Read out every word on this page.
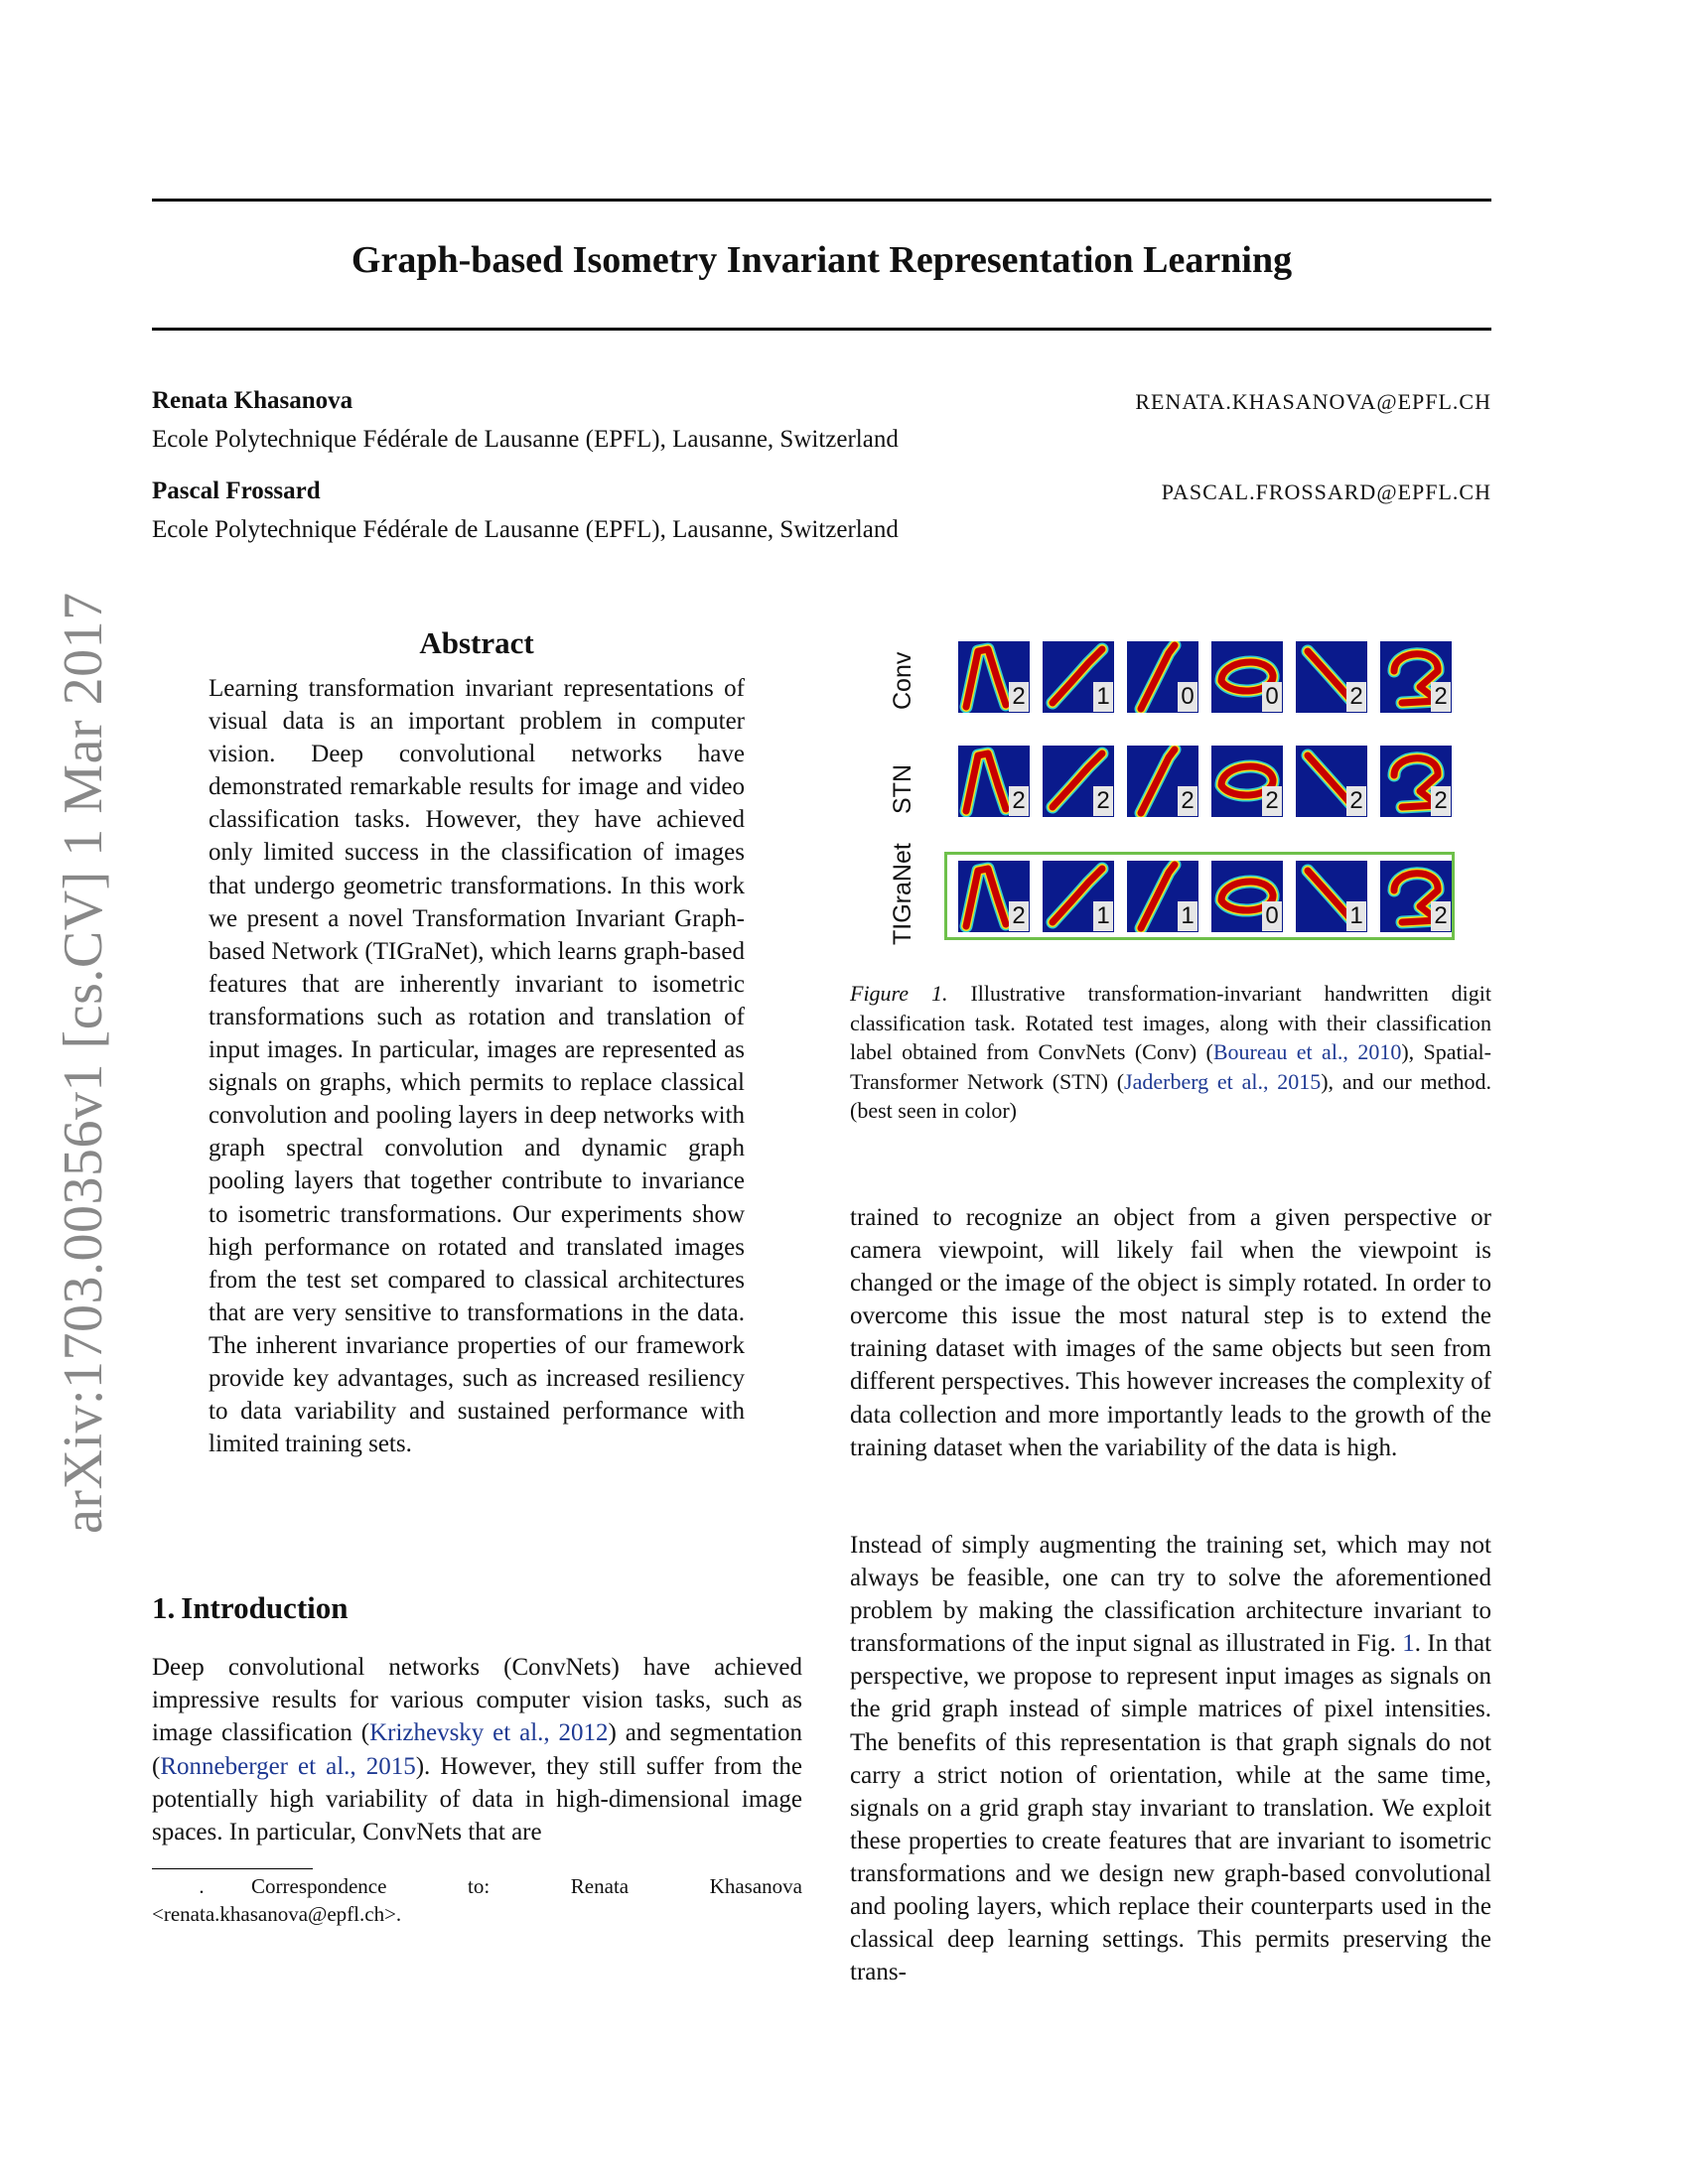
arXiv:1703.00356v1 [cs.CV] 1 Mar 2017
Graph-based Isometry Invariant Representation Learning
Renata Khasanova	RENATA.KHASANOVA@EPFL.CH
Ecole Polytechnique Fédérale de Lausanne (EPFL), Lausanne, Switzerland
Pascal Frossard	PASCAL.FROSSARD@EPFL.CH
Ecole Polytechnique Fédérale de Lausanne (EPFL), Lausanne, Switzerland
Abstract

Learning transformation invariant representations of visual data is an important problem in computer vision. Deep convolutional networks have demonstrated remarkable results for image and video classification tasks. However, they have achieved only limited success in the classification of images that undergo geometric transformations. In this work we present a novel Transformation Invariant Graph-based Network (TIGraNet), which learns graph-based features that are inherently invariant to isometric transformations such as rotation and translation of input images. In particular, images are represented as signals on graphs, which permits to replace classical convolution and pooling layers in deep networks with graph spectral convolution and dynamic graph pooling layers that together contribute to invariance to isometric transformations. Our experiments show high performance on rotated and translated images from the test set compared to classical architectures that are very sensitive to transformations in the data. The inherent invariance properties of our framework provide key advantages, such as increased resiliency to data variability and sustained performance with limited training sets.

1. Introduction

Deep convolutional networks (ConvNets) have achieved impressive results for various computer vision tasks, such as image classification (Krizhevsky et al., 2012) and segmentation (Ronneberger et al., 2015). However, they still suffer from the potentially high variability of data in high-dimensional image spaces. In particular, ConvNets that are

. Correspondence to: Renata Khasanova <renata.khasanova@epfl.ch>.

Conv
STN
TIGraNet
2	1	0	0	2	2
2	2	2	2	2	2
2	1	1	0	1	2

Figure 1. Illustrative transformation-invariant handwritten digit classification task. Rotated test images, along with their classification label obtained from ConvNets (Conv) (Boureau et al., 2010), Spatial-Transformer Network (STN) (Jaderberg et al., 2015), and our method. (best seen in color)

trained to recognize an object from a given perspective or camera viewpoint, will likely fail when the viewpoint is changed or the image of the object is simply rotated. In order to overcome this issue the most natural step is to extend the training dataset with images of the same objects but seen from different perspectives. This however increases the complexity of data collection and more importantly leads to the growth of the training dataset when the variability of the data is high.

Instead of simply augmenting the training set, which may not always be feasible, one can try to solve the aforementioned problem by making the classification architecture invariant to transformations of the input signal as illustrated in Fig. 1. In that perspective, we propose to represent input images as signals on the grid graph instead of simple matrices of pixel intensities. The benefits of this representation is that graph signals do not carry a strict notion of orientation, while at the same time, signals on a grid graph stay invariant to translation. We exploit these properties to create features that are invariant to isometric transformations and we design new graph-based convolutional and pooling layers, which replace their counterparts used in the classical deep learning settings. This permits preserving the trans-
